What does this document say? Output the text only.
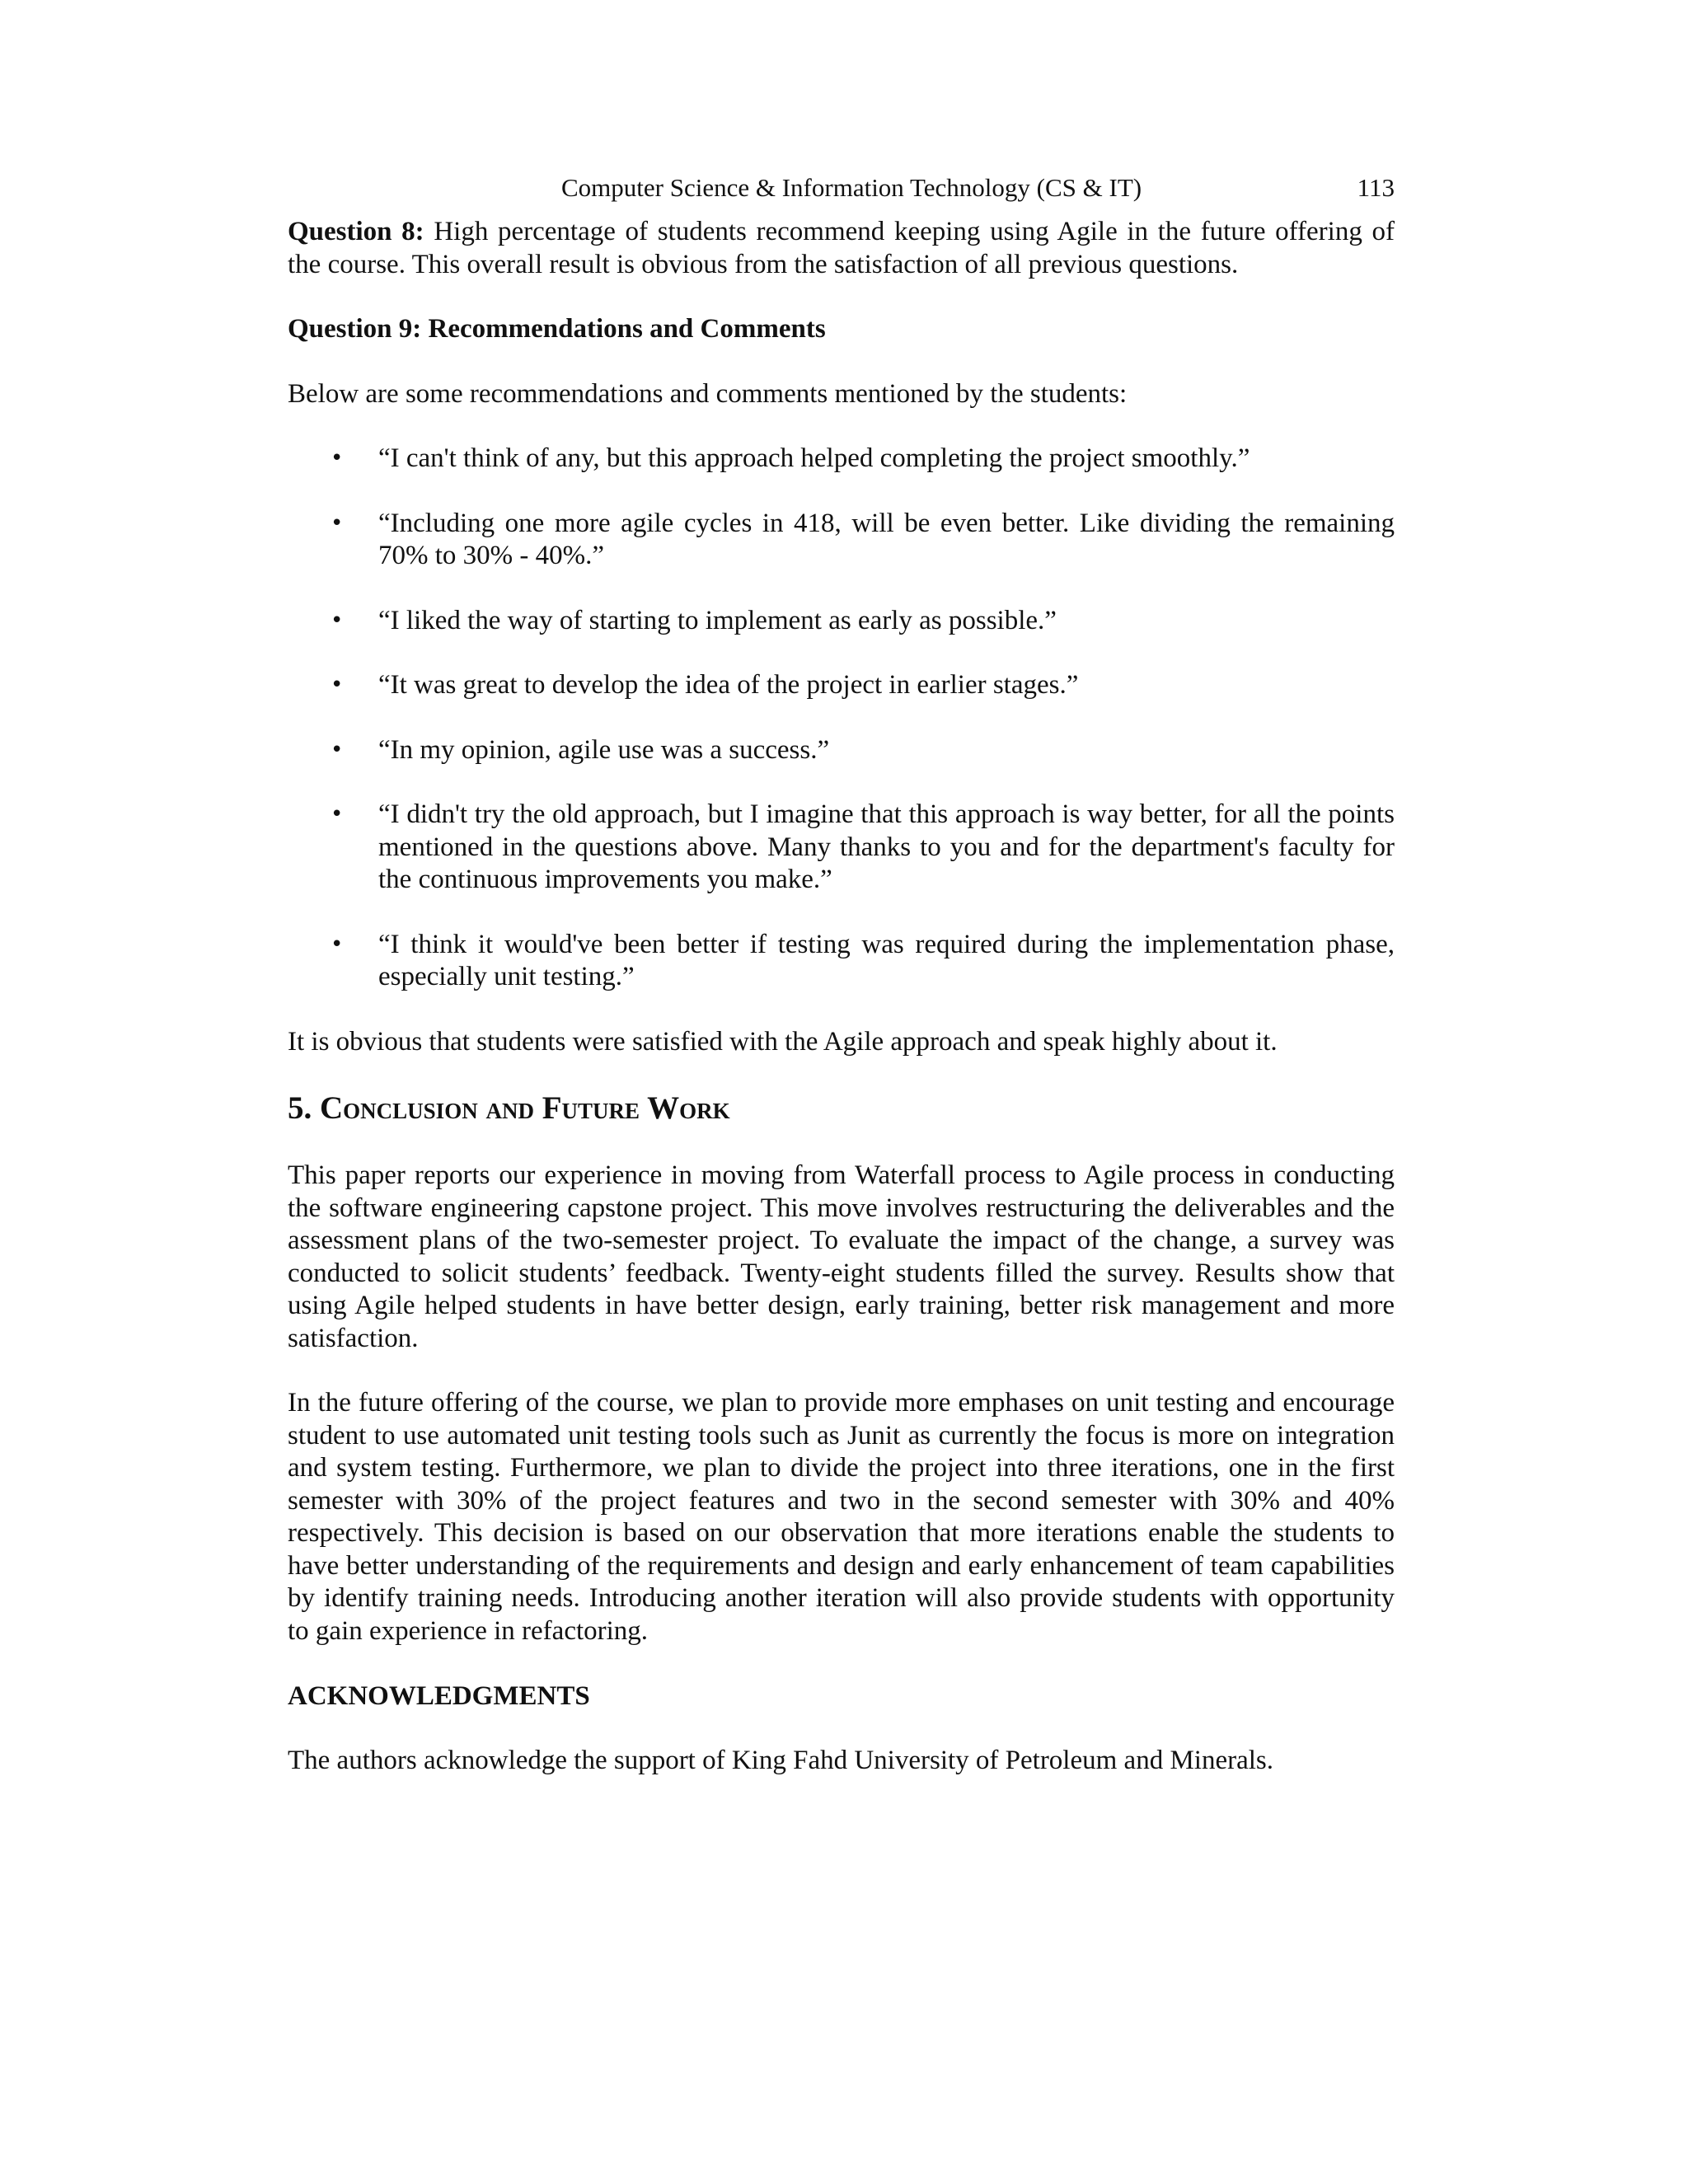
Computer Science & Information Technology (CS & IT)	113

Question 8: High percentage of students recommend keeping using Agile in the future offering of the course. This overall result is obvious from the satisfaction of all previous questions.

Question 9: Recommendations and Comments

Below are some recommendations and comments mentioned by the students:

• “I can't think of any, but this approach helped completing the project smoothly.”
• “Including one more agile cycles in 418, will be even better. Like dividing the remaining 70% to 30% - 40%.”
• “I liked the way of starting to implement as early as possible.”
• “It was great to develop the idea of the project in earlier stages.”
• “In my opinion, agile use was a success.”
• “I didn't try the old approach, but I imagine that this approach is way better, for all the points mentioned in the questions above. Many thanks to you and for the department's faculty for the continuous improvements you make.”
• “I think it would've been better if testing was required during the implementation phase, especially unit testing.”

It is obvious that students were satisfied with the Agile approach and speak highly about it.

5. Conclusion and Future Work

This paper reports our experience in moving from Waterfall process to Agile process in conducting the software engineering capstone project. This move involves restructuring the deliverables and the assessment plans of the two-semester project. To evaluate the impact of the change, a survey was conducted to solicit students’ feedback. Twenty-eight students filled the survey. Results show that using Agile helped students in have better design, early training, better risk management and more satisfaction.

In the future offering of the course, we plan to provide more emphases on unit testing and encourage student to use automated unit testing tools such as Junit as currently the focus is more on integration and system testing. Furthermore, we plan to divide the project into three iterations, one in the first semester with 30% of the project features and two in the second semester with 30% and 40% respectively. This decision is based on our observation that more iterations enable the students to have better understanding of the requirements and design and early enhancement of team capabilities by identify training needs. Introducing another iteration will also provide students with opportunity to gain experience in refactoring.

ACKNOWLEDGMENTS

The authors acknowledge the support of King Fahd University of Petroleum and Minerals.
